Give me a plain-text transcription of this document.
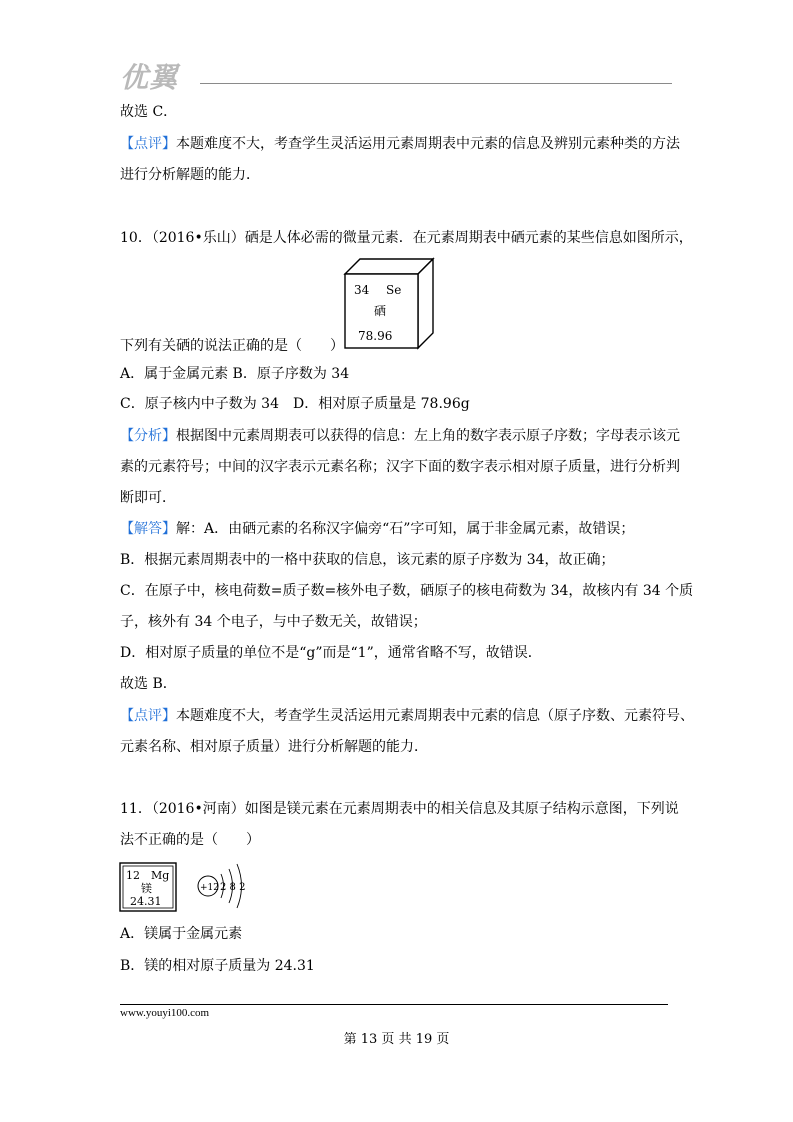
优翼
故选 C．
【点评】本题难度不大，考查学生灵活运用元素周期表中元素的信息及辨别元素种类的方法
进行分析解题的能力．
10．（2016•乐山）硒是人体必需的微量元素．在元素周期表中硒元素的某些信息如图所示，
34 Se
硒
78.96
下列有关硒的说法正确的是（　　）
A．属于金属元素 B．原子序数为 34
C．原子核内中子数为 34　D．相对原子质量是 78.96g
【分析】根据图中元素周期表可以获得的信息：左上角的数字表示原子序数；字母表示该元
素的元素符号；中间的汉字表示元素名称；汉字下面的数字表示相对原子质量，进行分析判
断即可．
【解答】解：A．由硒元素的名称汉字偏旁“石”字可知，属于非金属元素，故错误；
B．根据元素周期表中的一格中获取的信息，该元素的原子序数为 34，故正确；
C．在原子中，核电荷数=质子数=核外电子数，硒原子的核电荷数为 34，故核内有 34 个质
子，核外有 34 个电子，与中子数无关，故错误；
D．相对原子质量的单位不是“g”而是“1”，通常省略不写，故错误．
故选 B．
【点评】本题难度不大，考查学生灵活运用元素周期表中元素的信息（原子序数、元素符号、
元素名称、相对原子质量）进行分析解题的能力．
11．（2016•河南）如图是镁元素在元素周期表中的相关信息及其原子结构示意图，下列说
法不正确的是（　　）
12 Mg
镁
24.31
+12 2 8 2
A．镁属于金属元素
B．镁的相对原子质量为 24.31
www.youyi100.com
第 13 页 共 19 页
